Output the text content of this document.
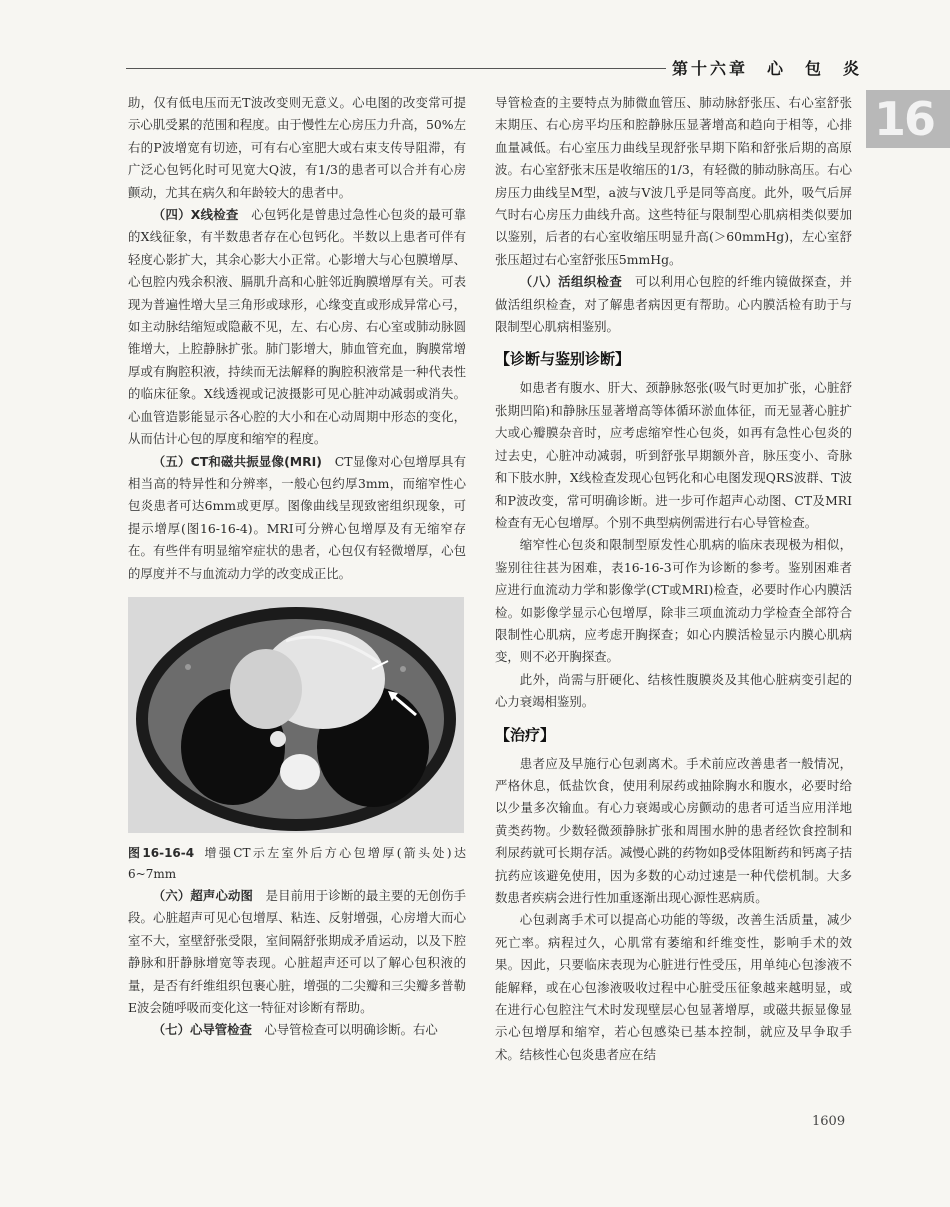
第十六章　心　包　炎
16

助，仅有低电压而无T波改变则无意义。心电图的改变常可提示心肌受累的范围和程度。由于慢性左心房压力升高，50%左右的P波增宽有切迹，可有右心室肥大或右束支传导阻滞，有广泛心包钙化时可见宽大Q波，有1/3的患者可以合并有心房颤动，尤其在病久和年龄较大的患者中。

（四）X线检查　 心包钙化是曾患过急性心包炎的最可靠的X线征象，有半数患者存在心包钙化。半数以上患者可伴有轻度心影扩大，其余心影大小正常。心影增大与心包膜增厚、心包腔内残余积液、膈肌升高和心脏邻近胸膜增厚有关。可表现为普遍性增大呈三角形或球形，心缘变直或形成异常心弓，如主动脉结缩短或隐蔽不见，左、右心房、右心室或肺动脉圆锥增大，上腔静脉扩张。肺门影增大，肺血管充血，胸膜常增厚或有胸腔积液，持续而无法解释的胸腔积液常是一种代表性的临床征象。X线透视或记波摄影可见心脏冲动减弱或消失。心血管造影能显示各心腔的大小和在心动周期中形态的变化，从而估计心包的厚度和缩窄的程度。

（五）CT和磁共振显像(MRI)　 CT显像对心包增厚具有相当高的特异性和分辨率，一般心包约厚3mm，而缩窄性心包炎患者可达6mm或更厚。图像曲线呈现致密组织现象，可提示增厚(图16-16-4)。MRI可分辨心包增厚及有无缩窄存在。有些伴有明显缩窄症状的患者，心包仅有轻微增厚，心包的厚度并不与血流动力学的改变成正比。

图16-16-4 增强CT示左室外后方心包增厚(箭头处)达6~7mm

（六）超声心动图　 是目前用于诊断的最主要的无创伤手段。心脏超声可见心包增厚、粘连、反射增强，心房增大而心室不大，室壁舒张受限，室间隔舒张期成矛盾运动，以及下腔静脉和肝静脉增宽等表现。心脏超声还可以了解心包积液的量，是否有纤维组织包裹心脏，增强的二尖瓣和三尖瓣多普勒E波会随呼吸而变化这一特征对诊断有帮助。

（七）心导管检查　 心导管检查可以明确诊断。右心

导管检查的主要特点为肺微血管压、肺动脉舒张压、右心室舒张末期压、右心房平均压和腔静脉压显著增高和趋向于相等，心排血量减低。右心室压力曲线呈现舒张早期下陷和舒张后期的高原波。右心室舒张末压是收缩压的1/3，有轻微的肺动脉高压。右心房压力曲线呈M型，a波与V波几乎是同等高度。此外，吸气后屏气时右心房压力曲线升高。这些特征与限制型心肌病相类似要加以鉴别，后者的右心室收缩压明显升高(＞60mmHg)，左心室舒张压超过右心室舒张压5mmHg。

（八）活组织检查　 可以利用心包腔的纤维内镜做探查，并做活组织检查，对了解患者病因更有帮助。心内膜活检有助于与限制型心肌病相鉴别。

【诊断与鉴别诊断】

如患者有腹水、肝大、颈静脉怒张(吸气时更加扩张，心脏舒张期凹陷)和静脉压显著增高等体循环淤血体征，而无显著心脏扩大或心瓣膜杂音时，应考虑缩窄性心包炎，如再有急性心包炎的过去史，心脏冲动减弱，听到舒张早期额外音，脉压变小、奇脉和下肢水肿，X线检查发现心包钙化和心电图发现QRS波群、T波和P波改变，常可明确诊断。进一步可作超声心动图、CT及MRI检查有无心包增厚。个别不典型病例需进行右心导管检查。

缩窄性心包炎和限制型原发性心肌病的临床表现极为相似，鉴别往往甚为困难，表16-16-3可作为诊断的参考。鉴别困难者应进行血流动力学和影像学(CT或MRI)检查，必要时作心内膜活检。如影像学显示心包增厚，除非三项血流动力学检查全部符合限制性心肌病，应考虑开胸探查；如心内膜活检显示内膜心肌病变，则不必开胸探查。

此外，尚需与肝硬化、结核性腹膜炎及其他心脏病变引起的心力衰竭相鉴别。

【治疗】

患者应及早施行心包剥离术。手术前应改善患者一般情况，严格休息，低盐饮食，使用利尿药或抽除胸水和腹水，必要时给以少量多次输血。有心力衰竭或心房颤动的患者可适当应用洋地黄类药物。少数轻微颈静脉扩张和周围水肿的患者经饮食控制和利尿药就可长期存活。减慢心跳的药物如β受体阻断药和钙离子拮抗药应该避免使用，因为多数的心动过速是一种代偿机制。大多数患者疾病会进行性加重逐渐出现心源性恶病质。

心包剥离手术可以提高心功能的等级，改善生活质量，减少死亡率。病程过久，心肌常有萎缩和纤维变性，影响手术的效果。因此，只要临床表现为心脏进行性受压，用单纯心包渗液不能解释，或在心包渗液吸收过程中心脏受压征象越来越明显，或在进行心包腔注气术时发现壁层心包显著增厚，或磁共振显像显示心包增厚和缩窄，若心包感染已基本控制，就应及早争取手术。结核性心包炎患者应在结

1609
